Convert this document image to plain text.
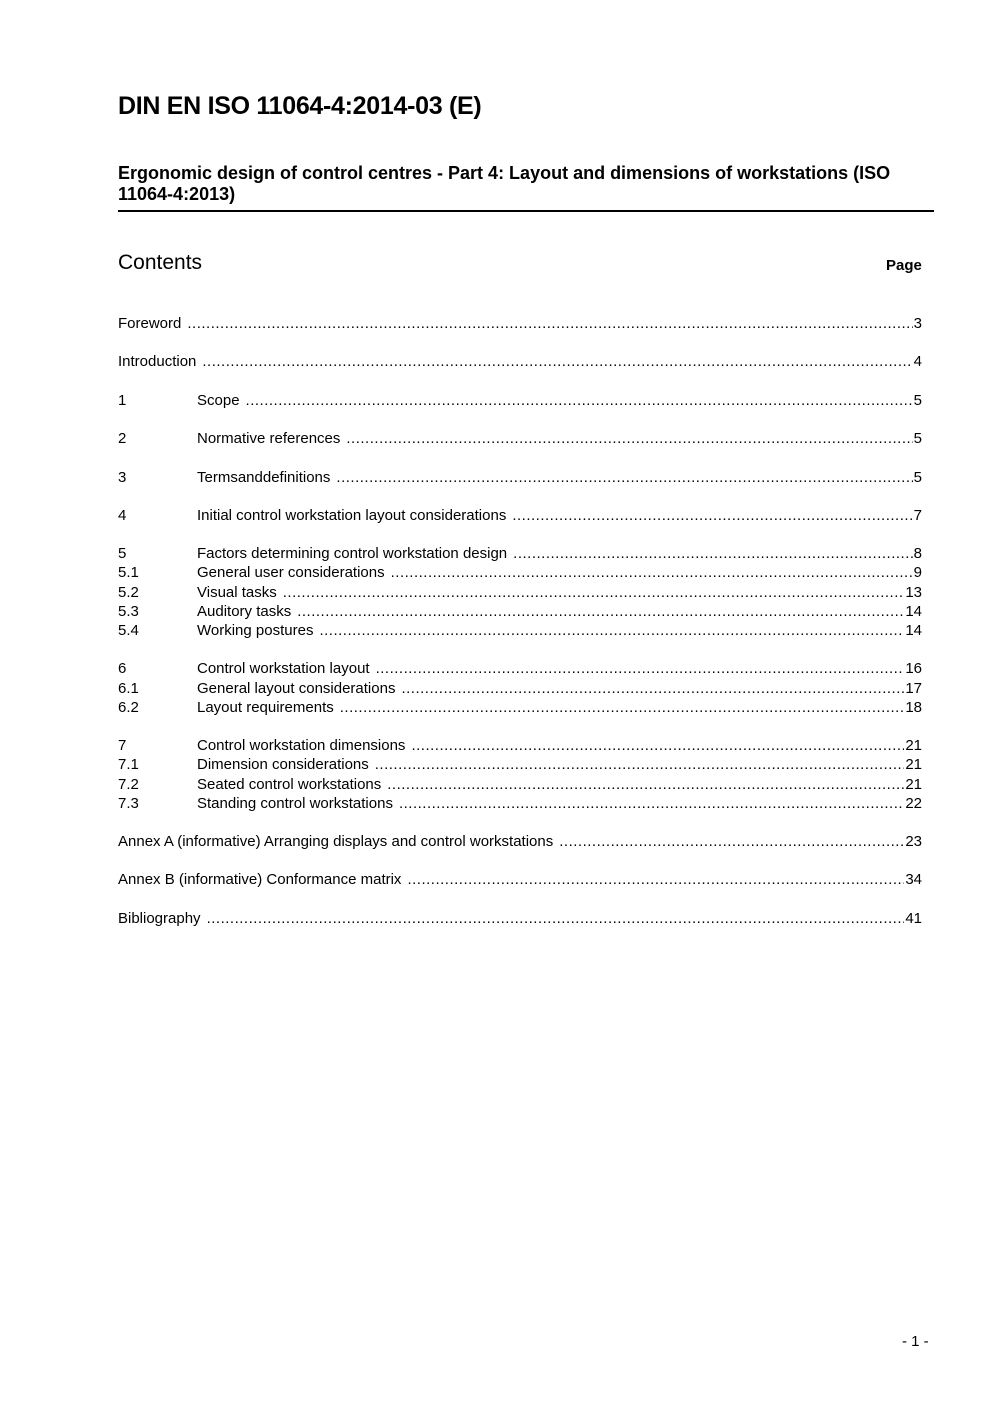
DIN EN ISO 11064-4:2014-03 (E)
Ergonomic design of control centres - Part 4: Layout and dimensions of workstations (ISO 11064-4:2013)
Contents	Page
Foreword .....	3
Introduction .....	4
1	Scope .....	5
2	Normative references .....	5
3	Termsanddefinitions .....	5
4	Initial control workstation layout considerations .....	7
5	Factors determining control workstation design .....	8
5.1	General user considerations .....	9
5.2	Visual tasks .....	13
5.3	Auditory tasks .....	14
5.4	Working postures .....	14
6	Control workstation layout .....	16
6.1	General layout considerations .....	17
6.2	Layout requirements .....	18
7	Control workstation dimensions .....	21
7.1	Dimension considerations .....	21
7.2	Seated control workstations .....	21
7.3	Standing control workstations .....	22
Annex A (informative) Arranging displays and control workstations .....	23
Annex B (informative) Conformance matrix .....	34
Bibliography .....	41
- 1 -
